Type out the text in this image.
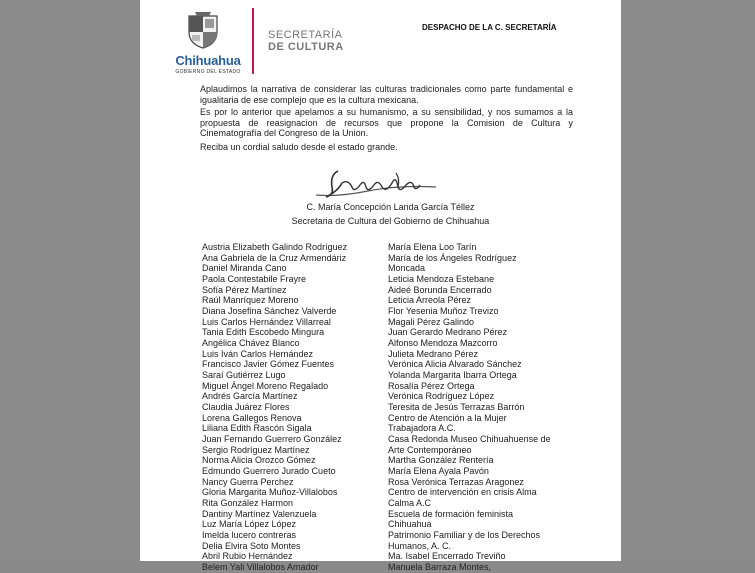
Chihuahua
GOBIERNO DEL ESTADO
SECRETARÍA
DE CULTURA
DESPACHO DE LA C. SECRETARÍA
Aplaudimos la narrativa de considerar las culturas tradicionales como parte fundamental e igualitaria de ese complejo que es la cultura mexicana.
Es por lo anterior que apelamos a su humanismo, a su sensibilidad, y nos sumamos a la propuesta de reasignacion de recursos que propone la Comision de Cultura y Cinematografía del Congreso de la Union.
Reciba un cordial saludo desde el estado grande.
C. María Concepción Landa García Téllez
Secretaria de Cultura del Gobierno de Chihuahua
Austria Elizabeth Galindo Rodríguez
Ana Gabriela de la Cruz Armendáriz
Daniel Miranda Cano
Paola Contestabile Frayre
Sofía Pérez Martínez
Raúl Manríquez Moreno
Diana Josefina Sánchez Valverde
Luis Carlos Hernández Villarreal
Tania Edith Escobedo Mingura
Angélica Chávez Blanco
Luis Iván Carlos Hernández
Francisco Javier Gómez Fuentes
Saraí Gutiérrez Lugo
Miguel Ángel Moreno Regalado
Andrés García Martínez
Claudia Juárez Flores
Lorena Gallegos Renova
Liliana Edith Rascón Sigala
Juan Fernando Guerrero González
Sergio Rodríguez Martínez
Norma Alicia Orozco Gómez
Edmundo Guerrero Jurado Cueto
Nancy Guerra Perchez
Gloria Margarita Muñoz-Villalobos
Rita González Harmon
Dantiny Martínez Valenzuela
Luz María López López
Imelda lucero contreras
Delia Elvira Soto Montes
Abril Rubio Hernández
Belem Yali Villalobos Amador
María Elena Loo Tarín
María de los Ángeles Rodríguez
Moncada
Leticia Mendoza Estebane
Aideé Borunda Encerrado
Leticia Arreola Pérez
Flor Yesenia Muñoz Trevizo
Magali Pérez Galindo
Juan Gerardo Medrano Pérez
Alfonso Mendoza Mazcorro
Julieta Medrano Pérez
Verónica Alicia Alvarado Sánchez
Yolanda Margarita Ibarra Ortega
Rosalía Pérez Ortega
Verónica Rodríguez López
Teresita de Jesús Terrazas Barrón
Centro de Atención a la Mujer
Trabajadora A.C.
Casa Redonda Museo Chihuahuense de
Arte Contemporáneo
Martha González Rentería
María Elena Ayala Pavón
Rosa Verónica Terrazas Aragonez
Centro de intervención en crisis Alma
Calma A.C
Escuela de formación feminista
Chihuahua
Patrimonio Familiar y de los Derechos
Humanos, A. C.
Ma. Isabel Encerrado Treviño
Manuela Barraza Montes,
